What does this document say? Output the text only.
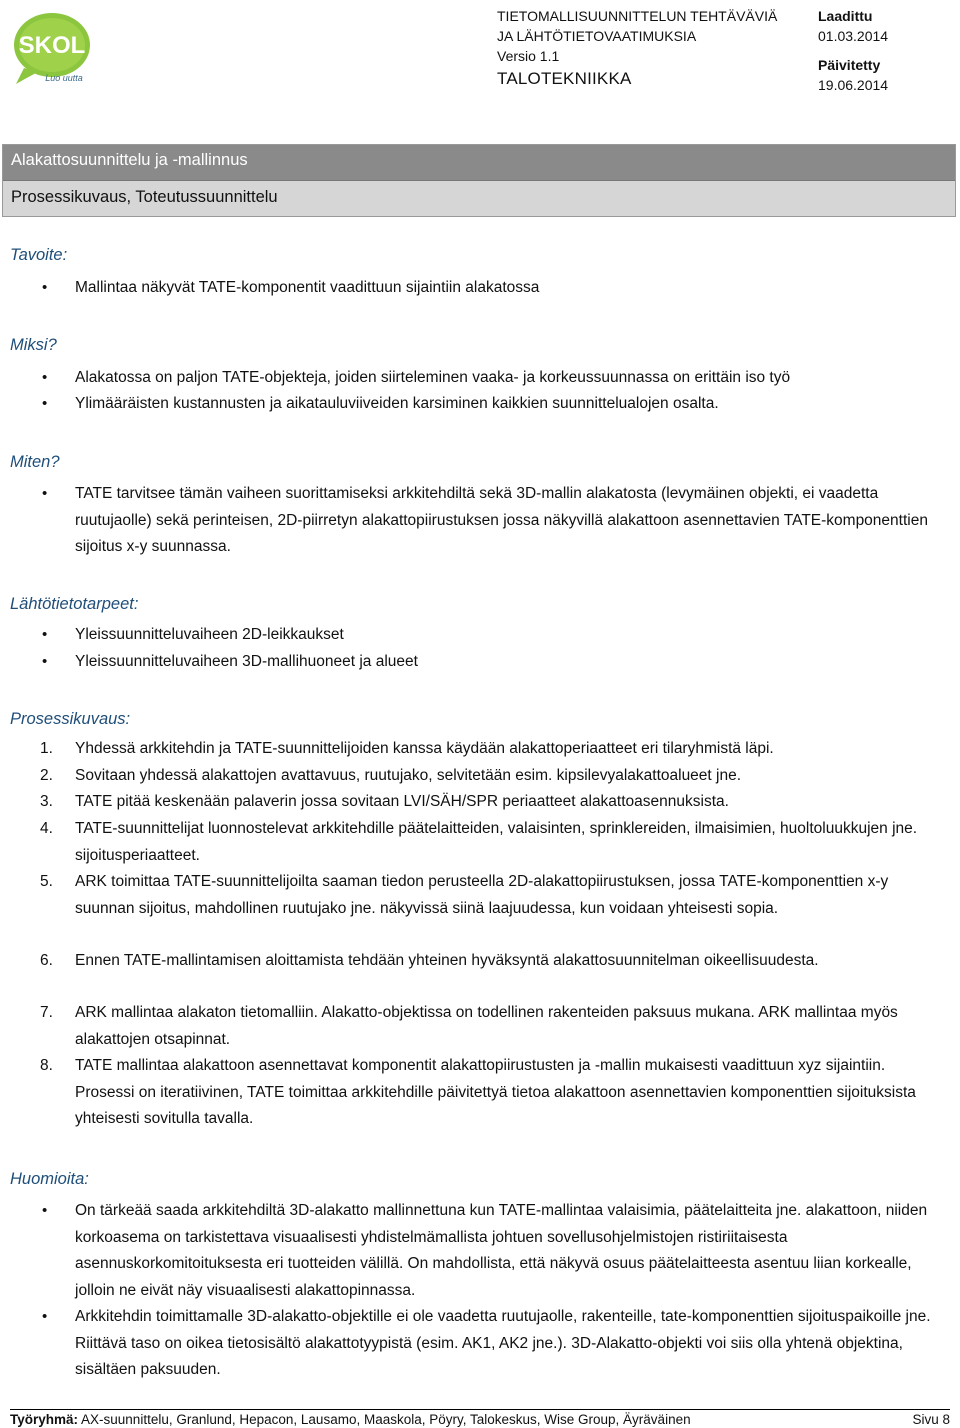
SKOL
Luo uutta
TIETOMALLISUUNNITTELUN TEHTÄVÄVIÄ
JA LÄHTÖTIETOVAATIMUKSIA
Versio 1.1
TALOTEKNIIKKA
Laadittu
01.03.2014
Päivitetty
19.06.2014
Alakattosuunnittelu ja -mallinnus
Prosessikuvaus, Toteutussuunnittelu
Tavoite:
• Mallintaa näkyvät TATE-komponentit vaadittuun sijaintiin alakatossa
Miksi?
• Alakatossa on paljon TATE-objekteja, joiden siirteleminen vaaka- ja korkeussuunnassa on erittäin iso työ
• Ylimääräisten kustannusten ja aikatauluviiveiden karsiminen kaikkien suunnittelualojen osalta.
Miten?
• TATE tarvitsee tämän vaiheen suorittamiseksi arkkitehdiltä sekä 3D-mallin alakatosta (levymäinen objekti, ei vaadetta ruutujaolle) sekä perinteisen, 2D-piirretyn alakattopiirustuksen jossa näkyvillä alakattoon asennettavien TATE-komponenttien sijoitus x-y suunnassa.
Lähtötietotarpeet:
• Yleissuunnitteluvaiheen 2D-leikkaukset
• Yleissuunnitteluvaiheen 3D-mallihuoneet ja alueet
Prosessikuvaus:
1. Yhdessä arkkitehdin ja TATE-suunnittelijoiden kanssa käydään alakattoperiaatteet eri tilaryhmistä läpi.
2. Sovitaan yhdessä alakattojen avattavuus, ruutujako, selvitetään esim. kipsilevyalakattoalueet jne.
3. TATE pitää keskenään palaverin jossa sovitaan LVI/SÄH/SPR periaatteet alakattoasennuksista.
4. TATE-suunnittelijat luonnostelevat arkkitehdille päätelaitteiden, valaisinten, sprinklereiden, ilmaisimien, huoltoluukkujen jne. sijoitusperiaatteet.
5. ARK toimittaa TATE-suunnittelijoilta saaman tiedon perusteella 2D-alakattopiirustuksen, jossa TATE-komponenttien x-y suunnan sijoitus, mahdollinen ruutujako jne. näkyvissä siinä laajuudessa, kun voidaan yhteisesti sopia.
6. Ennen TATE-mallintamisen aloittamista tehdään yhteinen hyväksyntä alakattosuunnitelman oikeellisuudesta.
7. ARK mallintaa alakaton tietomalliin. Alakatto-objektissa on todellinen rakenteiden paksuus mukana. ARK mallintaa myös alakattojen otsapinnat.
8. TATE mallintaa alakattoon asennettavat komponentit alakattopiirustusten ja -mallin mukaisesti vaadittuun xyz sijaintiin. Prosessi on iteratiivinen, TATE toimittaa arkkitehdille päivitettyä tietoa alakattoon asennettavien komponenttien sijoituksista yhteisesti sovitulla tavalla.
Huomioita:
• On tärkeää saada arkkitehdiltä 3D-alakatto mallinnettuna kun TATE-mallintaa valaisimia, päätelaitteita jne. alakattoon, niiden korkoasema on tarkistettava visuaalisesti yhdistelmämallista johtuen sovellusohjelmistojen ristiriitaisesta asennuskorkomitoituksesta eri tuotteiden välillä. On mahdollista, että näkyvä osuus päätelaitteesta asentuu liian korkealle, jolloin ne eivät näy visuaalisesti alakattopinnassa.
• Arkkitehdin toimittamalle 3D-alakatto-objektille ei ole vaadetta ruutujaolle, rakenteille, tate-komponenttien sijoituspaikoille jne. Riittävä taso on oikea tietosisältö alakattotyypistä (esim. AK1, AK2 jne.). 3D-Alakatto-objekti voi siis olla yhtenä objektina, sisältäen paksuuden.
Työryhmä: AX-suunnittelu, Granlund, Hepacon, Lausamo, Maaskola, Pöyry, Talokeskus, Wise Group, Äyräväinen	Sivu 8
